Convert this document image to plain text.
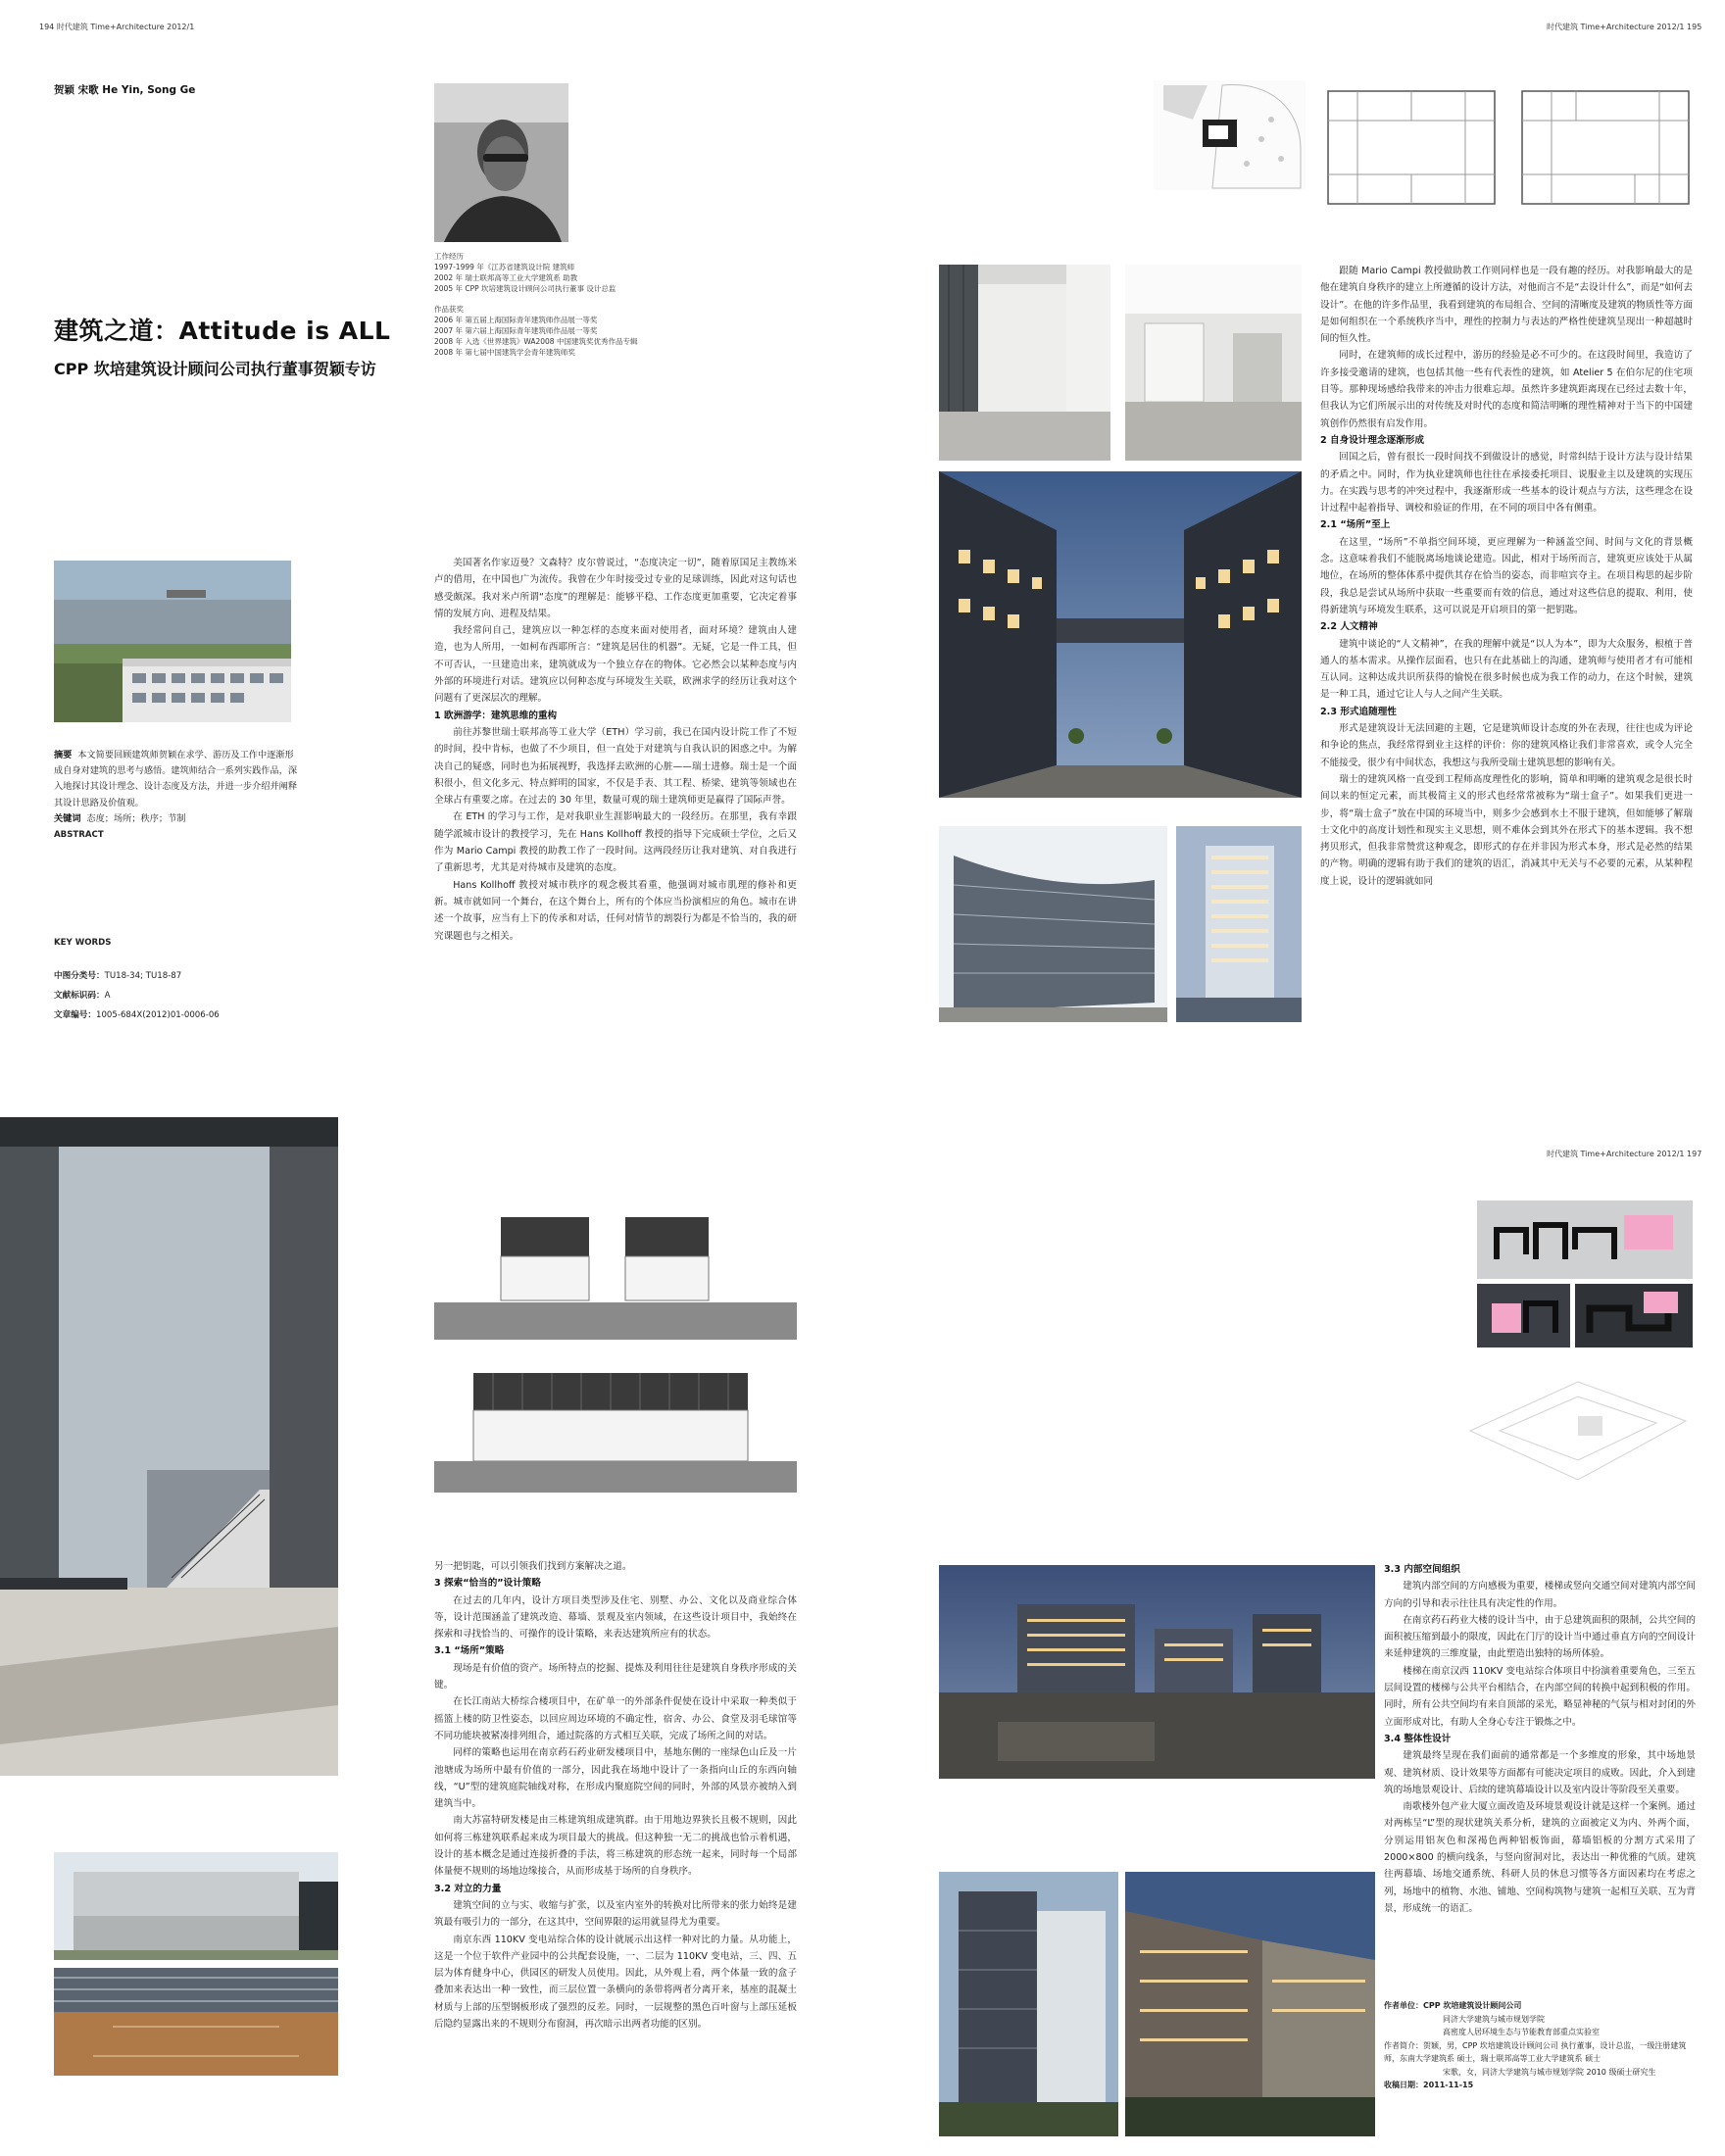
194 时代建筑 Time+Architecture 2012/1
贺颖 宋歌 He Yin, Song Ge
工作经历
1997-1999 年《江苏省建筑设计院 建筑师
2002 年 瑞士联邦高等工业大学建筑系 助教
2005 年 CPP 坎培建筑设计顾问公司执行董事 设计总监
作品获奖
2006 年 第五届上海国际青年建筑师作品展一等奖
2007 年 第六届上海国际青年建筑师作品展一等奖
2008 年 入选《世界建筑》WA2008 中国建筑奖优秀作品专辑
2008 年 第七届中国建筑学会青年建筑师奖
建筑之道：Attitude is ALL
CPP 坎培建筑设计顾问公司执行董事贺颖专访
摘要 本文简要回顾建筑师贺颖在求学、游历及工作中逐渐形成自身对建筑的思考与感悟。建筑师结合一系列实践作品，深入地探讨其设计理念、设计态度及方法，并进一步介绍并阐释其设计思路及价值观。
关键词 态度；场所；秩序；节制
ABSTRACT
KEY WORDS
中图分类号：TU18-34; TU18-87
文献标识码：A
文章编号：1005-684X(2012)01-0006-06

美国著名作家迈曼？文森特？皮尔曾说过，“态度决定一切”，随着原国足主教练米卢的借用，在中国也广为流传。我曾在少年时接受过专业的足球训练，因此对这句话也感受颇深。我对米卢所谓“态度”的理解是：能够平稳、工作态度更加重要，它决定着事情的发展方向、进程及结果。

我经常问自己，建筑应以一种怎样的态度来面对使用者，面对环境？建筑由人建造，也为人所用，一如柯布西耶所言：“建筑是居住的机器”。无疑，它是一件工具，但不可否认，一旦建造出来，建筑就成为一个独立存在的物体。它必然会以某种态度与内外部的环境进行对话。建筑应以何种态度与环境发生关联，欧洲求学的经历让我对这个问题有了更深层次的理解。

1 欧洲游学：建筑思维的重构

前往苏黎世瑞士联邦高等工业大学（ETH）学习前，我已在国内设计院工作了不短的时间，投中肯标，也做了不少项目，但一直处于对建筑与自我认识的困惑之中。为解决自己的疑惑，同时也为拓展视野，我选择去欧洲的心脏——瑞士进修。瑞士是一个面积很小，但文化多元、特点鲜明的国家，不仅是手表、其工程、桥梁、建筑等领域也在全球占有重要之席。在过去的 30 年里，数量可观的瑞士建筑师更是赢得了国际声誉。

在 ETH 的学习与工作，是对我职业生涯影响最大的一段经历。在那里，我有幸跟随学派城市设计的教授学习，先在 Hans Kollhoff 教授的指导下完成硕士学位，之后又作为 Mario Campi 教授的助教工作了一段时间。这两段经历让我对建筑、对自我进行了重新思考，尤其是对待城市及建筑的态度。

Hans Kollhoff 教授对城市秩序的观念极其看重，他强调对城市肌理的修补和更新。城市就如同一个舞台，在这个舞台上，所有的个体应当扮演相应的角色。城市在讲述一个故事，应当有上下的传承和对话，任何对情节的割裂行为都是不恰当的，我的研究课题也与之相关。

时代建筑 Time+Architecture 2012/1 195

跟随 Mario Campi 教授做助教工作则同样也是一段有趣的经历。对我影响最大的是他在建筑自身秩序的建立上所遵循的设计方法，对他而言不是“去设计什么”，而是“如何去设计”。在他的许多作品里，我看到建筑的布局组合、空间的清晰度及建筑的物质性等方面是如何组织在一个系统秩序当中，理性的控制力与表达的严格性使建筑呈现出一种超越时间的恒久性。

同时，在建筑师的成长过程中，游历的经验是必不可少的。在这段时间里，我造访了许多接受邀请的建筑，也包括其他一些有代表性的建筑，如 Atelier 5 在伯尔尼的住宅项目等。那种现场感给我带来的冲击力很难忘却。虽然许多建筑距离现在已经过去数十年，但我认为它们所展示出的对传统及对时代的态度和简洁明晰的理性精神对于当下的中国建筑创作仍然很有启发作用。

2 自身设计理念逐渐形成

回国之后，曾有很长一段时间找不到做设计的感觉，时常纠结于设计方法与设计结果的矛盾之中。同时，作为执业建筑师也往往在承接委托项目、说服业主以及建筑的实现压力。在实践与思考的冲突过程中，我逐渐形成一些基本的设计观点与方法，这些理念在设计过程中起着指导、调校和验证的作用，在不同的项目中各有侧重。

2.1 “场所”至上

在这里，“场所”不单指空间环境，更应理解为一种涵盖空间、时间与文化的背景概念。这意味着我们不能脱离场地谈论建造。因此，相对于场所而言，建筑更应该处于从属地位，在场所的整体体系中提供其存在恰当的姿态，而非喧宾夺主。在项目构思的起步阶段，我总是尝试从场所中获取一些重要而有效的信息，通过对这些信息的提取、利用，使得新建筑与环境发生联系，这可以说是开启项目的第一把钥匙。

2.2 人文精神

建筑中谈论的“人文精神”，在我的理解中就是“以人为本”，即为大众服务，根植于普通人的基本需求。从操作层面看，也只有在此基础上的沟通，建筑师与使用者才有可能相互认同。这种达成共识所获得的愉悦在很多时候也成为我工作的动力，在这个时候，建筑是一种工具，通过它让人与人之间产生关联。

2.3 形式追随理性

形式是建筑设计无法回避的主题，它是建筑师设计态度的外在表现，往往也成为评论和争论的焦点，我经常得到业主这样的评价：你的建筑风格让我们非常喜欢，或令人完全不能接受，很少有中间状态，我想这与我所受瑞士建筑思想的影响有关。

瑞士的建筑风格一直受到工程师高度理性化的影响，简单和明晰的建筑观念是很长时间以来的恒定元素，而其极简主义的形式也经常常被称为“瑞士盒子”。如果我们更进一步，将“瑞士盒子”放在中国的环境当中，则多少会感到水土不服于建筑，但如能够了解瑞士文化中的高度计划性和现实主义思想，则不难体会到其外在形式下的基本逻辑。我不想拷贝形式，但我非常赞赏这种观念，即形式的存在并非因为形式本身，形式是必然的结果的产物。明确的逻辑有助于我们的建筑的语汇，消减其中无关与不必要的元素，从某种程度上说，设计的逻辑就如同

另一把钥匙，可以引领我们找到方案解决之道。

3 探索“恰当的”设计策略

在过去的几年内，设计方项目类型涉及住宅、别墅、办公、文化以及商业综合体等，设计范围涵盖了建筑改造、幕墙、景观及室内领域，在这些设计项目中，我始终在探索和寻找恰当的、可操作的设计策略，来表达建筑所应有的状态。

3.1 “场所”策略

现场是有价值的资产。场所特点的挖掘、提炼及利用往往是建筑自身秩序形成的关键。

在长江南站大桥综合楼项目中，在矿单一的外部条件促使在设计中采取一种类似于摇篮上楼的防卫性姿态，以回应周边环境的不确定性，宿舍、办公、食堂及羽毛球馆等不同功能块被紧凑排列组合，通过院落的方式相互关联，完成了场所之间的对话。

同样的策略也运用在南京药石药业研发楼项目中，基地东侧的一座绿色山丘及一片池塘成为场所中最有价值的一部分，因此我在场地中设计了一条指向山丘的东西向轴线，“U”型的建筑庭院轴线对称，在形成内聚庭院空间的同时，外部的风景亦被纳入到建筑当中。

南大苏富特研发楼是由三栋建筑组成建筑群。由于用地边界狭长且极不规则，因此如何将三栋建筑联系起来成为项目最大的挑战。但这种独一无二的挑战也恰示着机遇，设计的基本概念是通过连接折叠的手法，将三栋建筑的形态统一起来，同时每一个局部体量便不规则的场地边缘接合，从而形成基于场所的自身秩序。

3.2 对立的力量

建筑空间的立与实、收缩与扩张，以及室内室外的转换对比所带来的张力始终是建筑最有吸引力的一部分，在这其中，空间界限的运用就显得尤为重要。

南京东西 110KV 变电站综合体的设计就展示出这样一种对比的力量。从功能上，这是一个位于软件产业园中的公共配套设施，一、二层为 110KV 变电站，三、四、五层为体育健身中心，供园区的研发人员使用。因此，从外观上看，两个体量一致的盒子叠加来表达出一种一致性，而三层位置一条横向的条带将两者分离开来，基座的混凝土材质与上部的压型钢板形成了强烈的反差。同时，一层规整的黑色百叶窗与上部压延板后隐约显露出来的不规则分布窗洞，再次暗示出两者功能的区别。

时代建筑 Time+Architecture 2012/1 197

3.3 内部空间组织

建筑内部空间的方向感极为重要，楼梯或竖向交通空间对建筑内部空间方向的引导和表示往往具有决定性的作用。

在南京药石药业大楼的设计当中，由于总建筑面积的限制，公共空间的面积被压缩到最小的限度，因此在门厅的设计当中通过垂直方向的空间设计来延伸建筑的三维度量，由此塑造出独特的场所体验。

楼梯在南京汉西 110KV 变电站综合体项目中扮演着重要角色，三至五层间设置的楼梯与公共平台相结合，在内部空间的转换中起到积极的作用。同时，所有公共空间均有来自顶部的采光，略显神秘的气氛与相对封闭的外立面形成对比，有助人全身心专注于锻炼之中。

3.4 整体性设计

建筑最终呈现在我们面前的通常都是一个多维度的形象，其中场地景观、建筑材质、设计效果等方面都有可能决定项目的成败。因此，介入到建筑的场地景观设计、后续的建筑幕墙设计以及室内设计等阶段至关重要。

南歌楼外包产业大厦立面改造及环境景观设计就是这样一个案例。通过对两栋呈“L”型的现状建筑关系分析，建筑的立面被定义为内、外两个面，分别运用铝灰色和深褐色两种铝板饰面，幕墙铝板的分割方式采用了 2000×800 的横向线条，与竖向窗洞对比，表达出一种优雅的气质。建筑往两幕墙、场地交通系统、科研人员的休息习惯等各方面因素均在考虑之列，场地中的植物、水池、铺地、空间构筑物与建筑一起相互关联、互为背景，形成统一的语汇。

作者单位：CPP 坎培建筑设计顾问公司
同济大学建筑与城市规划学院
高密度人居环境生态与节能教育部重点实验室
作者简介：贺颖，男，CPP 坎培建筑设计顾问公司 执行董事，设计总监，一级注册建筑师，东南大学建筑系 硕士，瑞士联邦高等工业大学建筑系 硕士
宋歌，女，同济大学建筑与城市规划学院 2010 级硕士研究生
收稿日期：2011-11-15
